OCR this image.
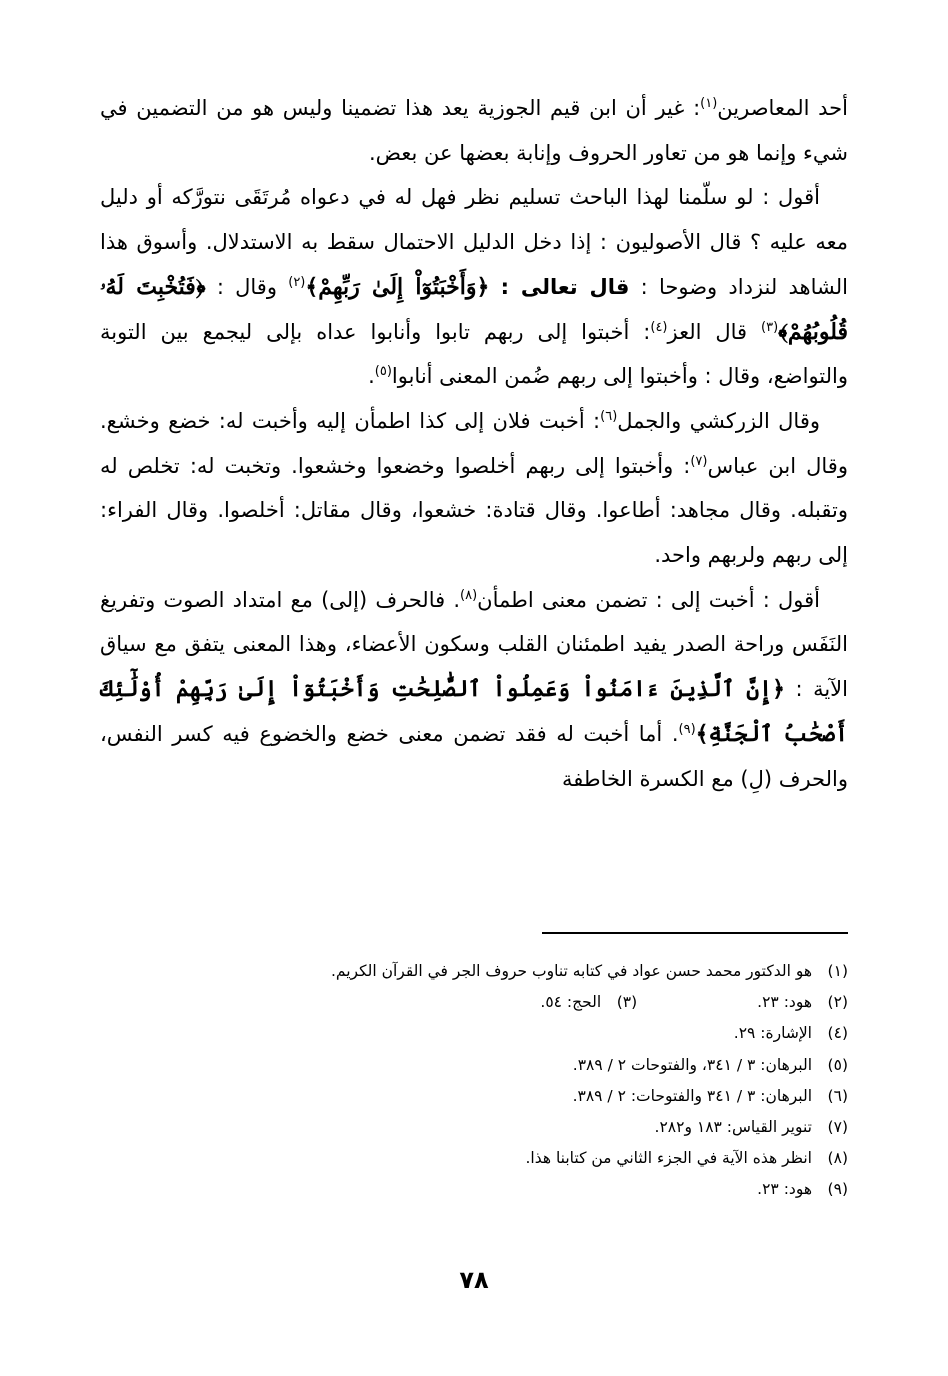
أحد المعاصرين$^{(١)}$: غير أن ابن قيم الجوزية يعد هذا تضمينا وليس هو من التضمين في شيء وإنما هو من تعاور الحروف وإنابة بعضها عن بعض.

أقول : لو سلّمنا لهذا الباحث تسليم نظر فهل له في دعواه مُرتَقَى نتورَّكه أو دليل معه عليه ؟ قال الأصوليون : إذا دخل الدليل الاحتمال سقط به الاستدلال. وأسوق هذا الشاهد لنزداد وضوحا : قال تعالى : ﴿وَأَخْبَتُوٓاْ إِلَىٰ رَبِّهِمْ﴾$^{(٢)}$ وقال : ﴿فَتُخْبِتَ لَهُۥ قُلُوبُهُمْ﴾$^{(٣)}$ قال العز$^{(٤)}$: أخبتوا إلى ربهم تابوا وأنابوا عداه بإلى ليجمع بين التوبة والتواضع، وقال : وأخبتوا إلى ربهم ضُمن المعنى أنابوا$^{(٥)}$.

وقال الزركشي والجمل$^{(٦)}$: أخبت فلان إلى كذا اطمأن إليه وأخبت له: خضع وخشع. وقال ابن عباس$^{(٧)}$: وأخبتوا إلى ربهم أخلصوا وخضعوا وخشعوا. وتخبت له: تخلص له وتقبله. وقال مجاهد: أطاعوا. وقال قتادة: خشعوا، وقال مقاتل: أخلصوا. وقال الفراء: إلى ربهم ولربهم واحد.

أقول : أخبت إلى : تضمن معنى اطمأن$^{(٨)}$. فالحرف (إلى) مع امتداد الصوت وتفريغ النَفَس وراحة الصدر يفيد اطمئنان القلب وسكون الأعضاء، وهذا المعنى يتفق مع سياق الآية : ﴿إِنَّ ٱلَّذِينَ ءَامَنُواْ وَعَمِلُواْ ٱلصَّٰلِحَٰتِ وَأَخْبَتُوٓاْ إِلَىٰ رَبِّهِمْ أُوْلَٰٓئِكَ أَصْحَٰبُ ٱلْجَنَّةِ﴾$^{(٩)}$. أما أخبت له فقد تضمن معنى خضع والخضوع فيه كسر النفس، والحرف (لِ) مع الكسرة الخاطفة

(١)
هو الدكتور محمد حسن عواد في كتابه تناوب حروف الجر في القرآن الكريم.
(٢)
هود: ٢٣.
(٣)
الحج: ٥٤.
(٤)
الإشارة: ٢٩.
(٥)
البرهان: ٣ / ٣٤١، والفتوحات ٢ / ٣٨٩.
(٦)
البرهان: ٣ / ٣٤١ والفتوحات: ٢ / ٣٨٩.
(٧)
تنوير القياس: ١٨٣ و٢٨٢.
(٨)
انظر هذه الآية في الجزء الثاني من كتابنا هذا.
(٩)
هود: ٢٣.
٧٨
